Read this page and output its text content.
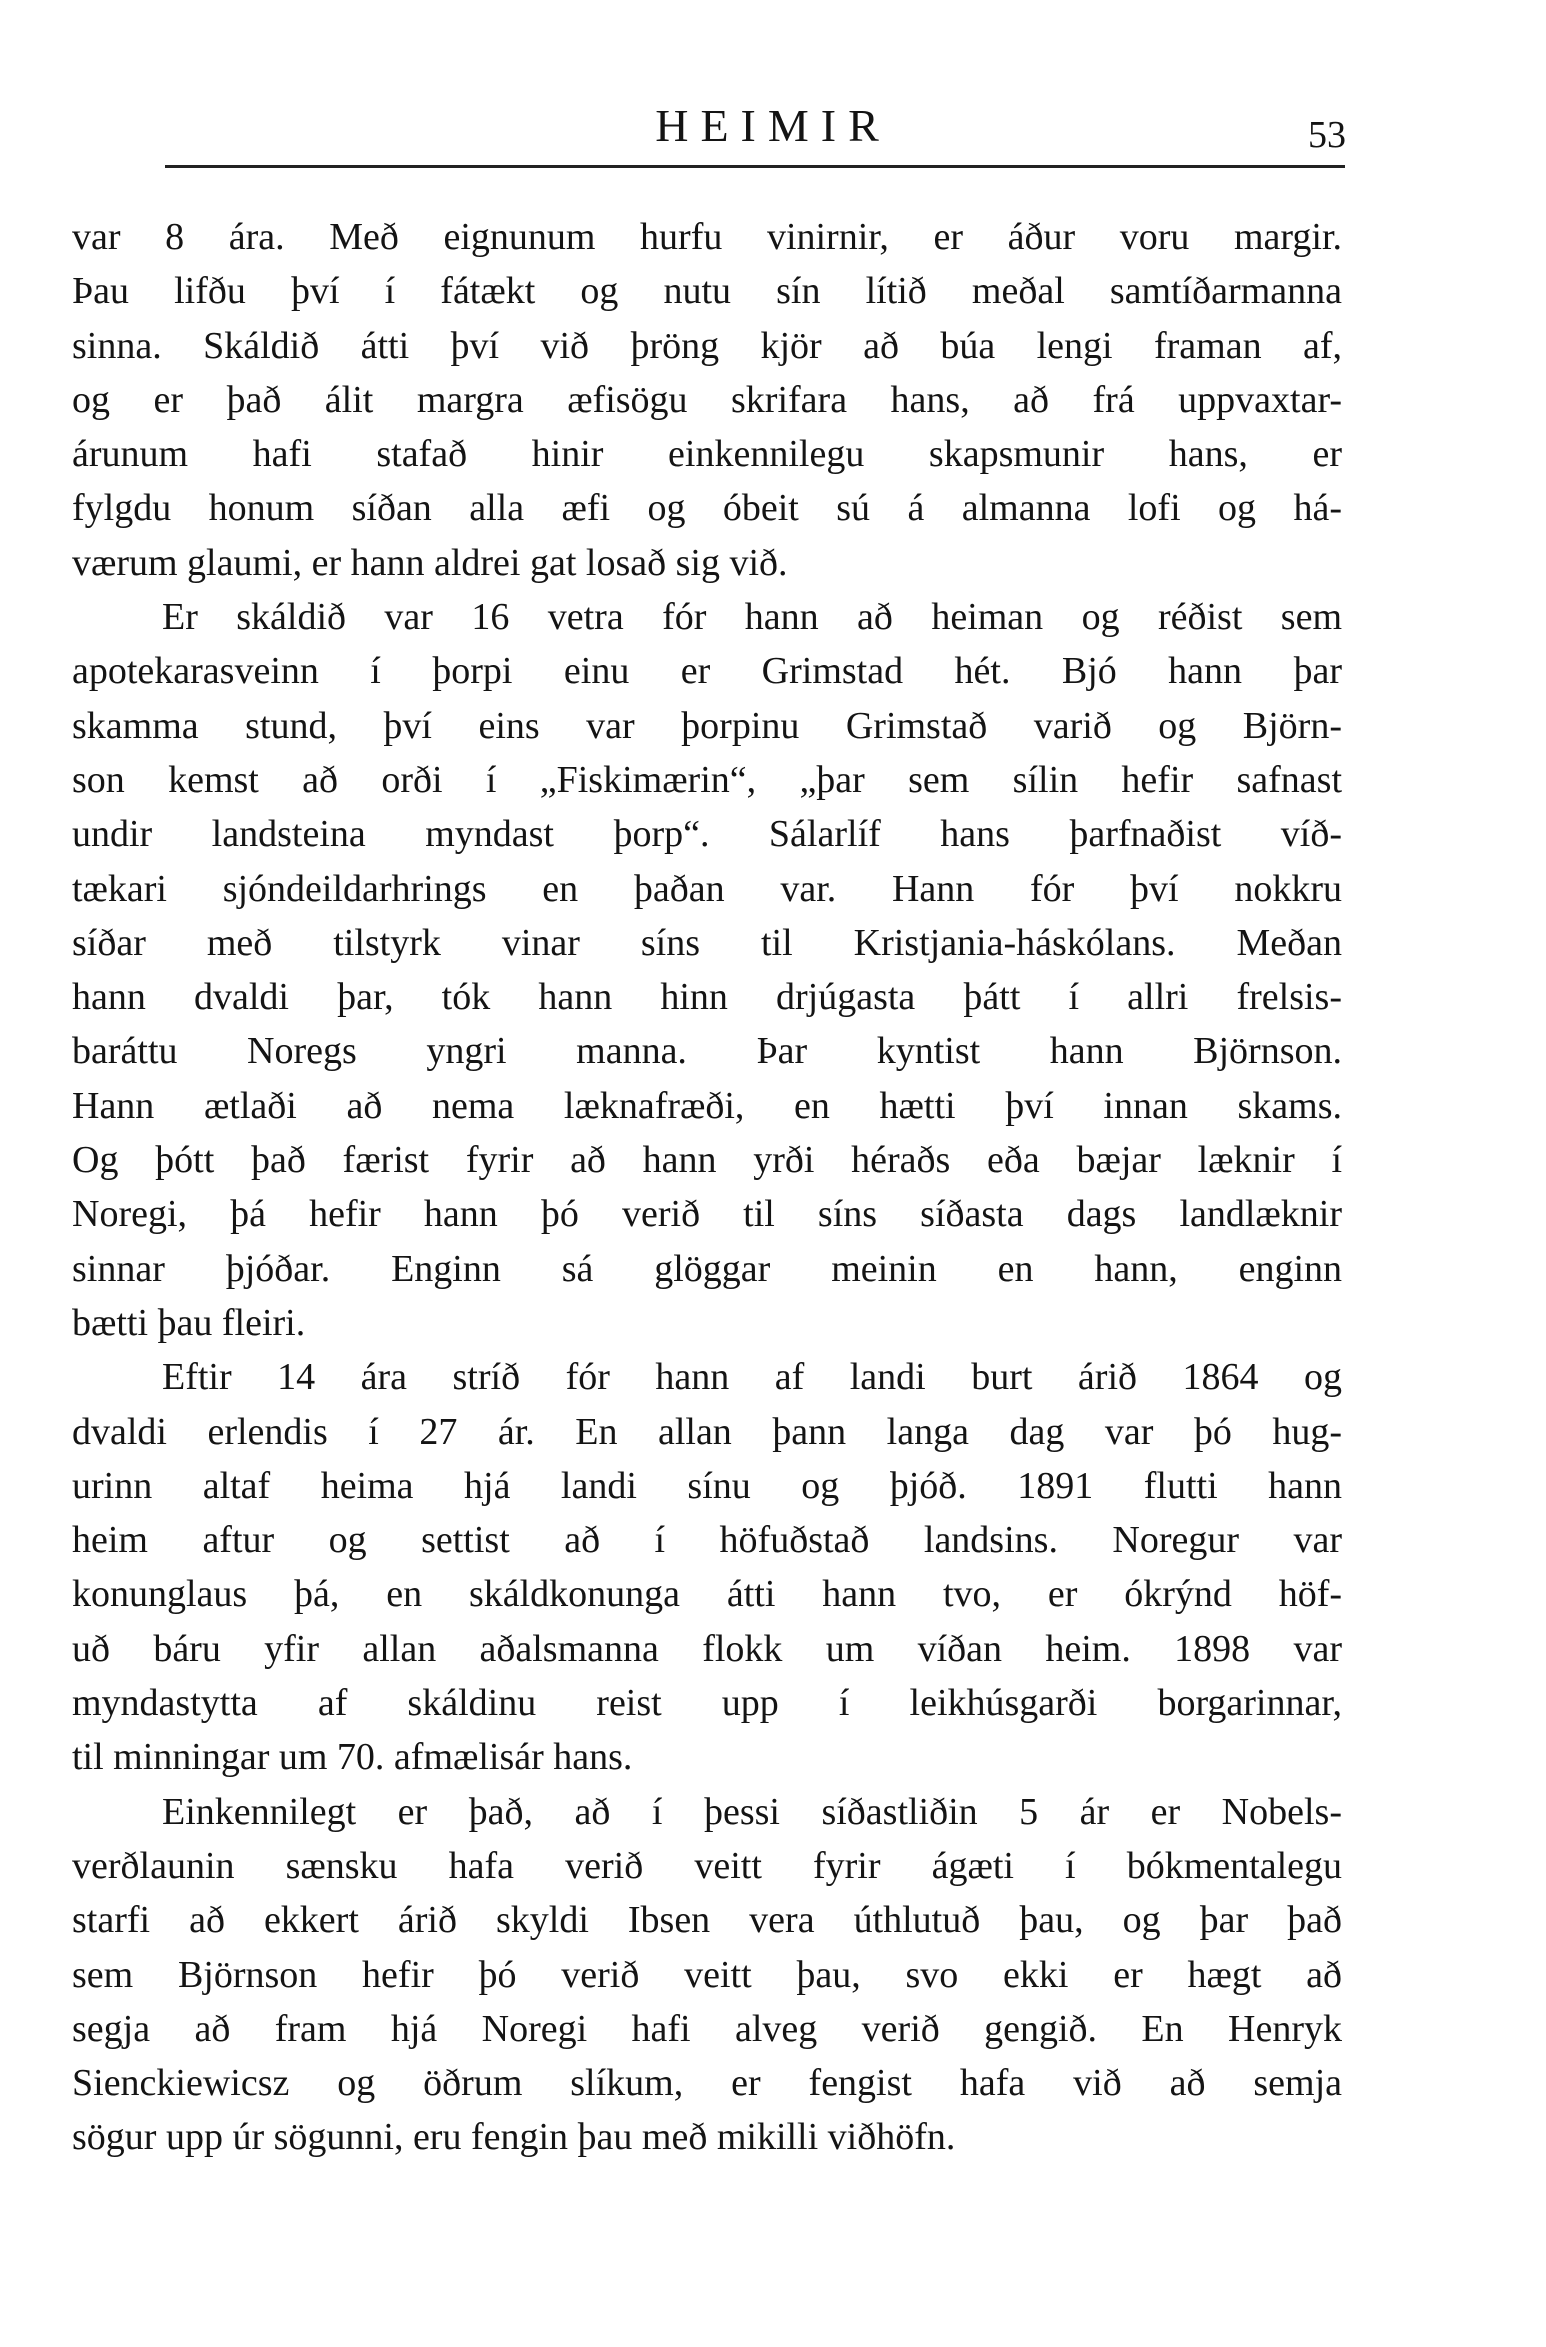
HEIMIR	53
var 8 ára. Með eignunum hurfu vinirnir, er áður voru margir.
Þau lifðu því í fátækt og nutu sín lítið meðal samtíðarmanna
sinna. Skáldið átti því við þröng kjör að búa lengi framan af,
og er það álit margra æfisögu skrifara hans, að frá uppvaxtar-
árunum hafi stafað hinir einkennilegu skapsmunir hans, er
fylgdu honum síðan alla æfi og óbeit sú á almanna lofi og há-
værum glaumi, er hann aldrei gat losað sig við.
Er skáldið var 16 vetra fór hann að heiman og réðist sem
apotekarasveinn í þorpi einu er Grimstad hét. Bjó hann þar
skamma stund, því eins var þorpinu Grimstað varið og Björn-
son kemst að orði í „Fiskimærin“, „þar sem sílin hefir safnast
undir landsteina myndast þorp“. Sálarlíf hans þarfnaðist víð-
tækari sjóndeildarhrings en þaðan var. Hann fór því nokkru
síðar með tilstyrk vinar síns til Kristjania-háskólans. Meðan
hann dvaldi þar, tók hann hinn drjúgasta þátt í allri frelsis-
baráttu Noregs yngri manna. Þar kyntist hann Björnson.
Hann ætlaði að nema læknafræði, en hætti því innan skams.
Og þótt það færist fyrir að hann yrði héraðs eða bæjar læknir í
Noregi, þá hefir hann þó verið til síns síðasta dags landlæknir
sinnar þjóðar. Enginn sá glöggar meinin en hann, enginn
bætti þau fleiri.
Eftir 14 ára stríð fór hann af landi burt árið 1864 og
dvaldi erlendis í 27 ár. En allan þann langa dag var þó hug-
urinn altaf heima hjá landi sínu og þjóð. 1891 flutti hann
heim aftur og settist að í höfuðstað landsins. Noregur var
konunglaus þá, en skáldkonunga átti hann tvo, er ókrýnd höf-
uð báru yfir allan aðalsmanna flokk um víðan heim. 1898 var
myndastytta af skáldinu reist upp í leikhúsgarði borgarinnar,
til minningar um 70. afmælisár hans.
Einkennilegt er það, að í þessi síðastliðin 5 ár er Nobels-
verðlaunin sænsku hafa verið veitt fyrir ágæti í bókmentalegu
starfi að ekkert árið skyldi Ibsen vera úthlutuð þau, og þar það
sem Björnson hefir þó verið veitt þau, svo ekki er hægt að
segja að fram hjá Noregi hafi alveg verið gengið. En Henryk
Sienckiewicsz og öðrum slíkum, er fengist hafa við að semja
sögur upp úr sögunni, eru fengin þau með mikilli viðhöfn.
